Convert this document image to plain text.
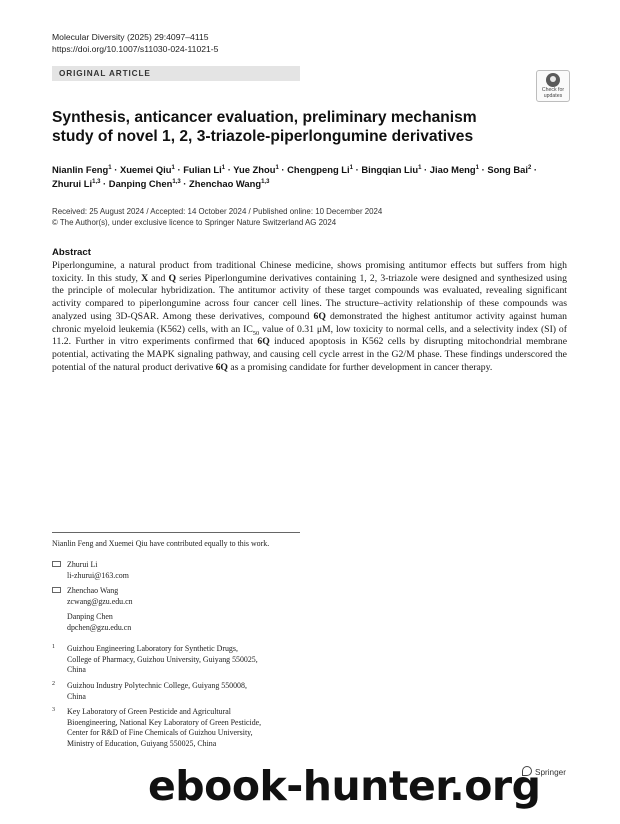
Molecular Diversity (2025) 29:4097–4115
https://doi.org/10.1007/s11030-024-11021-5
ORIGINAL ARTICLE
Check for
updates
Synthesis, anticancer evaluation, preliminary mechanism study of novel 1, 2, 3-triazole-piperlongumine derivatives
Nianlin Feng$^1$ · Xuemei Qiu$^1$ · Fulian $Li^1$ · Yue Zhou$^1$ · Chengpeng $Li^1$ · Bingqian Liu$^1$ · Jiao Meng$^1$ · Song Bai$^2$ ·
Zhurui Li$^{1,3}$ · Danping Chen$^{1,3}$ · Zhenchao Wang$^{1,3}$
Received: 25 August 2024 / Accepted: 14 October 2024 / Published online: 10 December 2024
© The Author(s), under exclusive licence to Springer Nature Switzerland AG 2024
Abstract
Piperlongumine, a natural product from traditional Chinese medicine, shows promising antitumor effects but suffers from high toxicity. In this study, X and Q series Piperlongumine derivatives containing 1, 2, 3-triazole were designed and synthesized using the principle of molecular hybridization. The antitumor activity of these target compounds was evaluated, revealing significant activity compared to piperlongumine across four cancer cell lines. The structure–activity relationship of these compounds was analyzed using 3D-QSAR. Among these derivatives, compound 6Q demonstrated the highest antitumor activity against human chronic myeloid leukemia (K562) cells, with an $IC_{50}$ value of 0.31 μM, low toxicity to normal cells, and a selectivity index (SI) of 11.2. Further in vitro experiments confirmed that 6Q induced apoptosis in K562 cells by disrupting mitochondrial membrane potential, activating the MAPK signaling pathway, and causing cell cycle arrest in the G2/M phase. These findings underscored the potential of the natural product derivative 6Q as a promising candidate for further development in cancer therapy.
Nianlin Feng and Xuemei Qiu have contributed equally to this work.
Zhurui Li
li-zhurui@163.com
Zhenchao Wang
zcwang@gzu.edu.cn
Danping Chen
dpchen@gzu.edu.cn
1 Guizhou Engineering Laboratory for Synthetic Drugs,
College of Pharmacy, Guizhou University, Guiyang 550025,
China
2 Guizhou Industry Polytechnic College, Guiyang 550008,
China
3 Key Laboratory of Green Pesticide and Agricultural
Bioengineering, National Key Laboratory of Green Pesticide,
Center for R&D of Fine Chemicals of Guizhou University,
Ministry of Education, Guiyang 550025, China
Springer
ebook-hunter.org
